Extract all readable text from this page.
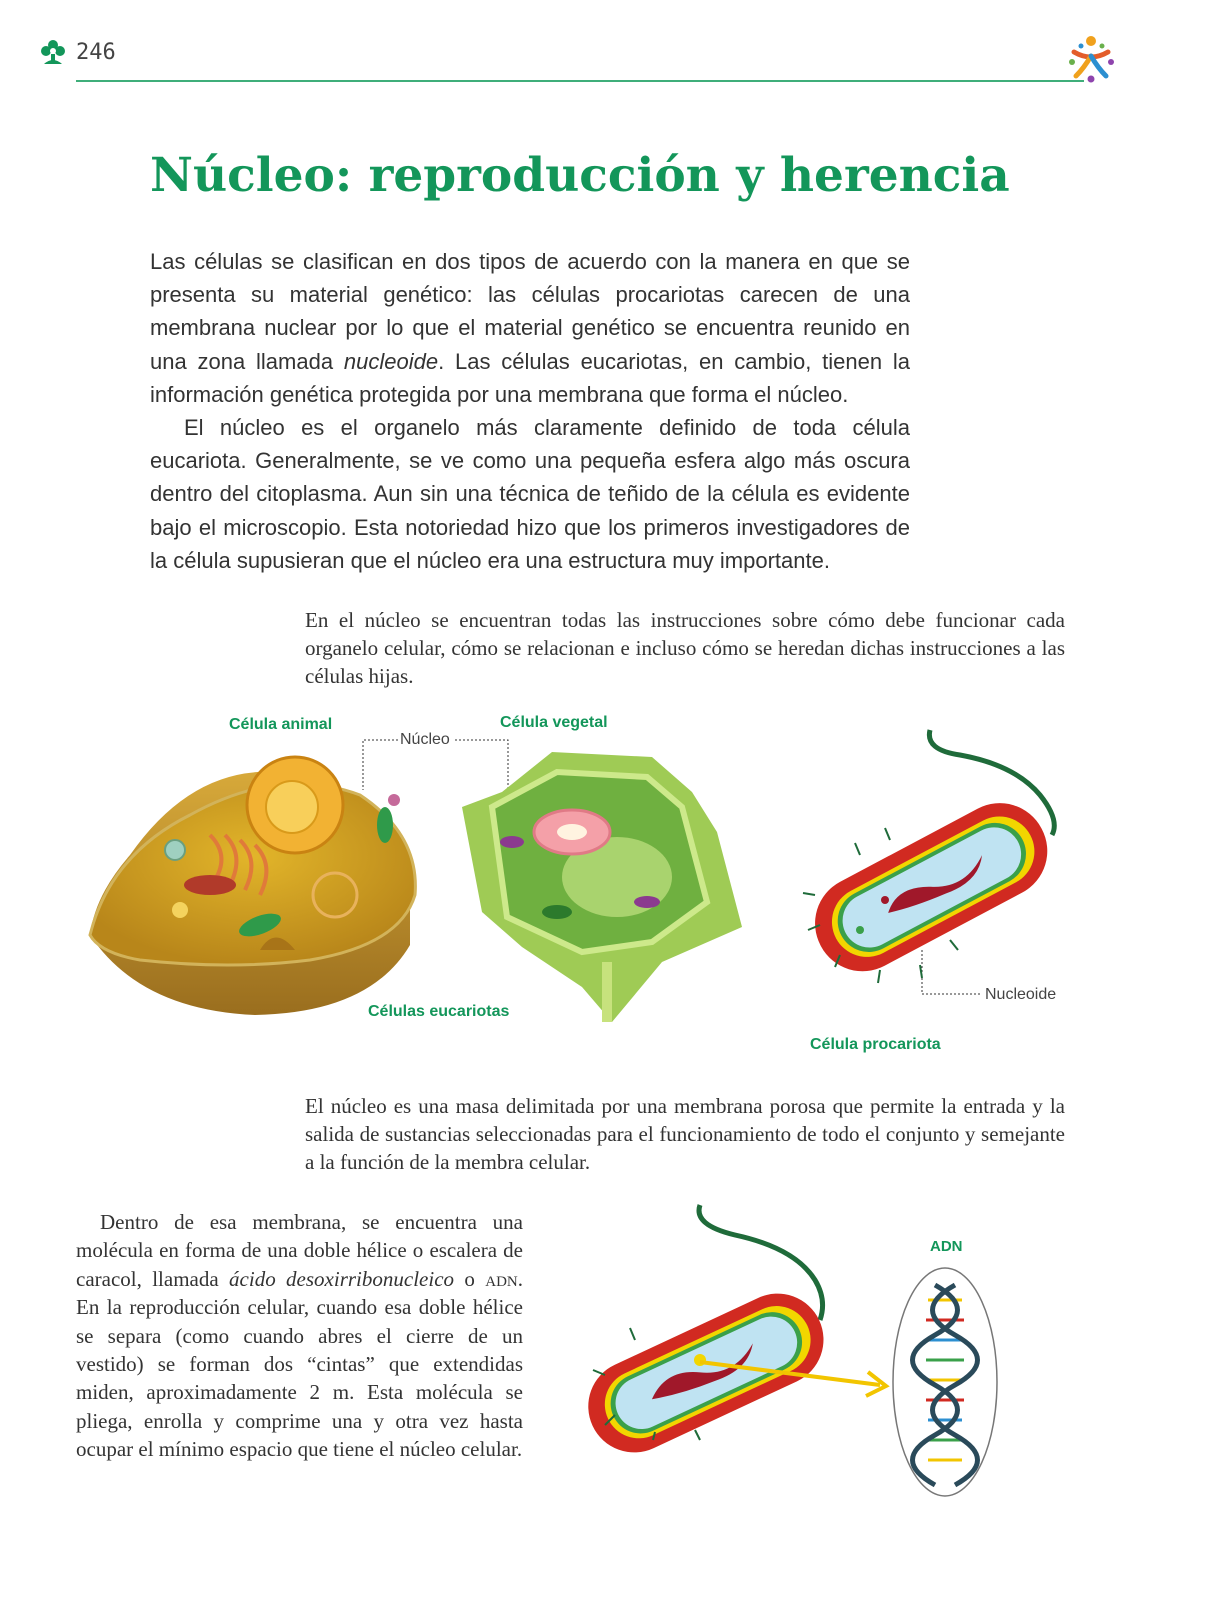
246
Núcleo: reproducción y herencia

Las células se clasifican en dos tipos de acuerdo con la manera en que se presenta su material genético: las células procariotas carecen de una membrana nuclear por lo que el material genético se encuentra reunido en una zona llamada nucleoide. Las células eucariotas, en cambio, tienen la información genética protegida por una membrana que forma el núcleo.

El núcleo es el organelo más claramente definido de toda célula eucariota. Generalmente, se ve como una pequeña esfera algo más oscura dentro del citoplasma. Aun sin una técnica de teñido de la célula es evidente bajo el microscopio. Esta notoriedad hizo que los primeros investigadores de la célula supusieran que el núcleo era una estructura muy importante.

En el núcleo se encuentran todas las instrucciones sobre cómo debe funcionar cada organelo celular, cómo se relacionan e incluso cómo se heredan dichas instrucciones a las células hijas.
Célula animal	Célula vegetal
Núcleo
Células eucariotas
Nucleoide
Célula procariota
El núcleo es una masa delimitada por una membrana porosa que permite la entrada y la salida de sustancias seleccionadas para el funcionamiento de todo el conjunto y semejante a la función de la membra celular.
Dentro de esa membrana, se encuentra una molécula en forma de una doble hélice o escalera de caracol, llamada ácido desoxirribonucleico o adn. En la reproducción celular, cuando esa doble hélice se separa (como cuando abres el cierre de un vestido) se forman dos “cintas” que extendidas miden, aproximadamente 2 m. Esta molécula se pliega, enrolla y comprime una y otra vez hasta ocupar el mínimo espacio que tiene el núcleo celular.
ADN
